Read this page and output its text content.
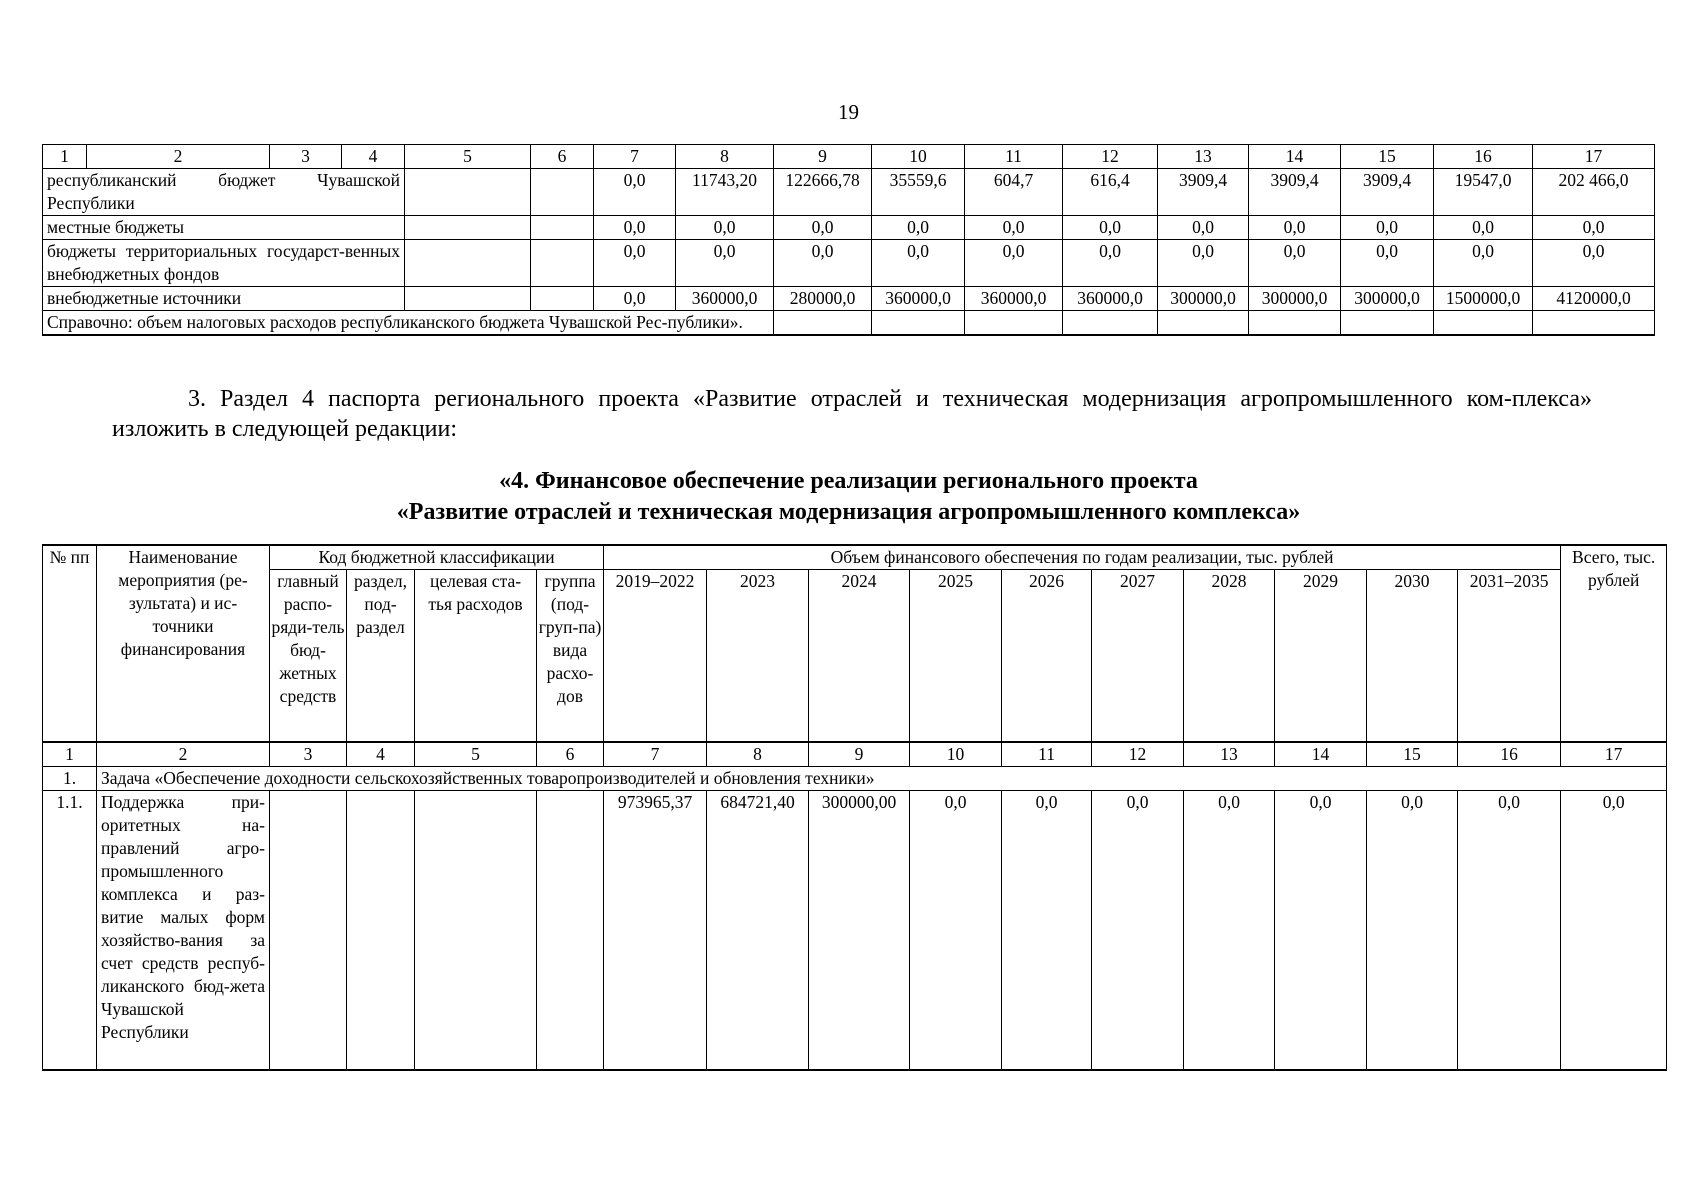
19
1	2	3	4	5	6	7	8	9	10	11	12	13	14	15	16	17
республиканский бюджет Чувашской Республики						0,0	11743,20	122666,78	35559,6	604,7	616,4	3909,4	3909,4	3909,4	19547,0	202 466,0
местные бюджеты						0,0	0,0	0,0	0,0	0,0	0,0	0,0	0,0	0,0	0,0	0,0
бюджеты территориальных государст-венных внебюджетных фондов						0,0	0,0	0,0	0,0	0,0	0,0	0,0	0,0	0,0	0,0	0,0
внебюджетные источники						0,0	360000,0	280000,0	360000,0	360000,0	360000,0	300000,0	300000,0	300000,0	1500000,0	4120000,0
Справочно: объем налоговых расходов республиканского бюджета Чувашской Рес-публики».																
3. Раздел 4 паспорта регионального проекта «Развитие отраслей и техническая модернизация агропромышленного ком-плекса» изложить в следующей редакции:
«4. Финансовое обеспечение реализации регионального проекта
«Развитие отраслей и техническая модернизация агропромышленного комплекса»
№ пп	Наименование мероприятия (ре-зультата) и ис-точники финансирования	Код бюджетной классификации				Объем финансового обеспечения по годам реализации, тыс. рублей										Всего, тыс. рублей
		главный распо-ряди-тель бюд-жетных средств	раздел, под-раздел	целевая ста-тья расходов	группа (под-груп-па) вида расхо-дов	2019–2022	2023	2024	2025	2026	2027	2028	2029	2030	2031–2035	
1	2	3	4	5	6	7	8	9	10	11	12	13	14	15	16	17
1.	Задача «Обеспечение доходности сельскохозяйственных товаропроизводителей и обновления техники»															
1.1.	Поддержка при-оритетных на-правлений агро-промышленного комплекса и раз-витие малых форм хозяйство-вания за счет средств респуб-ликанского бюд-жета Чувашской Республики					973965,37	684721,40	300000,00	0,0	0,0	0,0	0,0	0,0	0,0	0,0	0,0
